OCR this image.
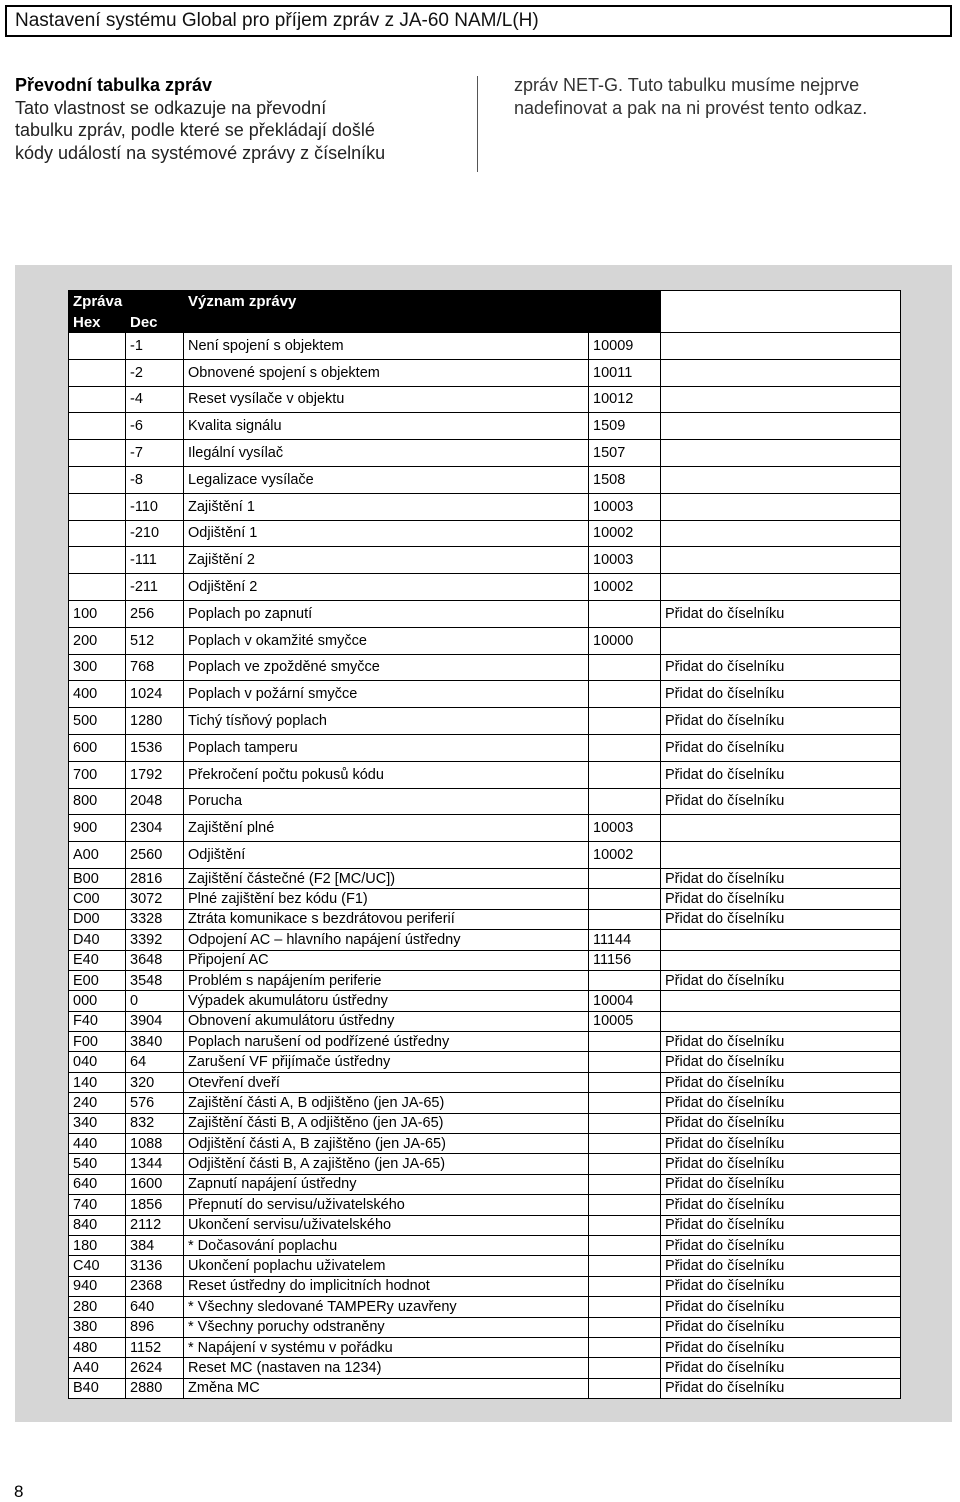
Nastavení systému Global pro příjem zpráv z JA-60 NAM/L(H)
Převodní tabulka zpráv
Tato vlastnost se odkazuje na převodní
tabulku zpráv, podle které se překládají došlé
kódy událostí na systémové zprávy z číselníku
zpráv NET-G. Tuto tabulku musíme nejprve
nadefinovat a pak na ni provést tento odkaz.
Zpráva		Význam zprávy		
Hex	Dec			
	-1	Není spojení s objektem	10009	
	-2	Obnovené spojení s objektem	10011	
	-4	Reset vysílače v objektu	10012	
	-6	Kvalita signálu	1509	
	-7	Ilegální vysílač	1507	
	-8	Legalizace vysílače	1508	
	-110	Zajištění 1	10003	
	-210	Odjištění 1	10002	
	-111	Zajištění 2	10003	
	-211	Odjištění 2	10002	
100	256	Poplach po zapnutí		Přidat do číselníku
200	512	Poplach v okamžité smyčce	10000	
300	768	Poplach ve zpožděné smyčce		Přidat do číselníku
400	1024	Poplach v požární smyčce		Přidat do číselníku
500	1280	Tichý tísňový poplach		Přidat do číselníku
600	1536	Poplach tamperu		Přidat do číselníku
700	1792	Překročení počtu pokusů kódu		Přidat do číselníku
800	2048	Porucha		Přidat do číselníku
900	2304	Zajištění plné	10003	
A00	2560	Odjištění	10002	
B00	2816	Zajištění částečné (F2 [MC/UC])		Přidat do číselníku
C00	3072	Plné zajištění bez kódu (F1)		Přidat do číselníku
D00	3328	Ztráta komunikace s bezdrátovou periferií		Přidat do číselníku
D40	3392	Odpojení AC – hlavního napájení ústředny	11144	
E40	3648	Připojení AC	11156	
E00	3548	Problém s napájením periferie		Přidat do číselníku
000	0	Výpadek akumulátoru ústředny	10004	
F40	3904	Obnovení akumulátoru ústředny	10005	
F00	3840	Poplach narušení od podřízené ústředny		Přidat do číselníku
040	64	Zarušení VF přijímače ústředny		Přidat do číselníku
140	320	Otevření dveří		Přidat do číselníku
240	576	Zajištění části A, B odjištěno (jen JA-65)		Přidat do číselníku
340	832	Zajištění části B, A odjištěno (jen JA-65)		Přidat do číselníku
440	1088	Odjištění části A, B zajištěno (jen JA-65)		Přidat do číselníku
540	1344	Odjištění části B, A zajištěno (jen JA-65)		Přidat do číselníku
640	1600	Zapnutí napájení ústředny		Přidat do číselníku
740	1856	Přepnutí do servisu/uživatelského		Přidat do číselníku
840	2112	Ukončení servisu/uživatelského		Přidat do číselníku
180	384	* Dočasování poplachu		Přidat do číselníku
C40	3136	Ukončení poplachu uživatelem		Přidat do číselníku
940	2368	Reset ústředny do implicitních hodnot		Přidat do číselníku
280	640	* Všechny sledované TAMPERy uzavřeny		Přidat do číselníku
380	896	* Všechny poruchy odstraněny		Přidat do číselníku
480	1152	* Napájení v systému v pořádku		Přidat do číselníku
A40	2624	Reset MC (nastaven na 1234)		Přidat do číselníku
B40	2880	Změna MC		Přidat do číselníku
8
